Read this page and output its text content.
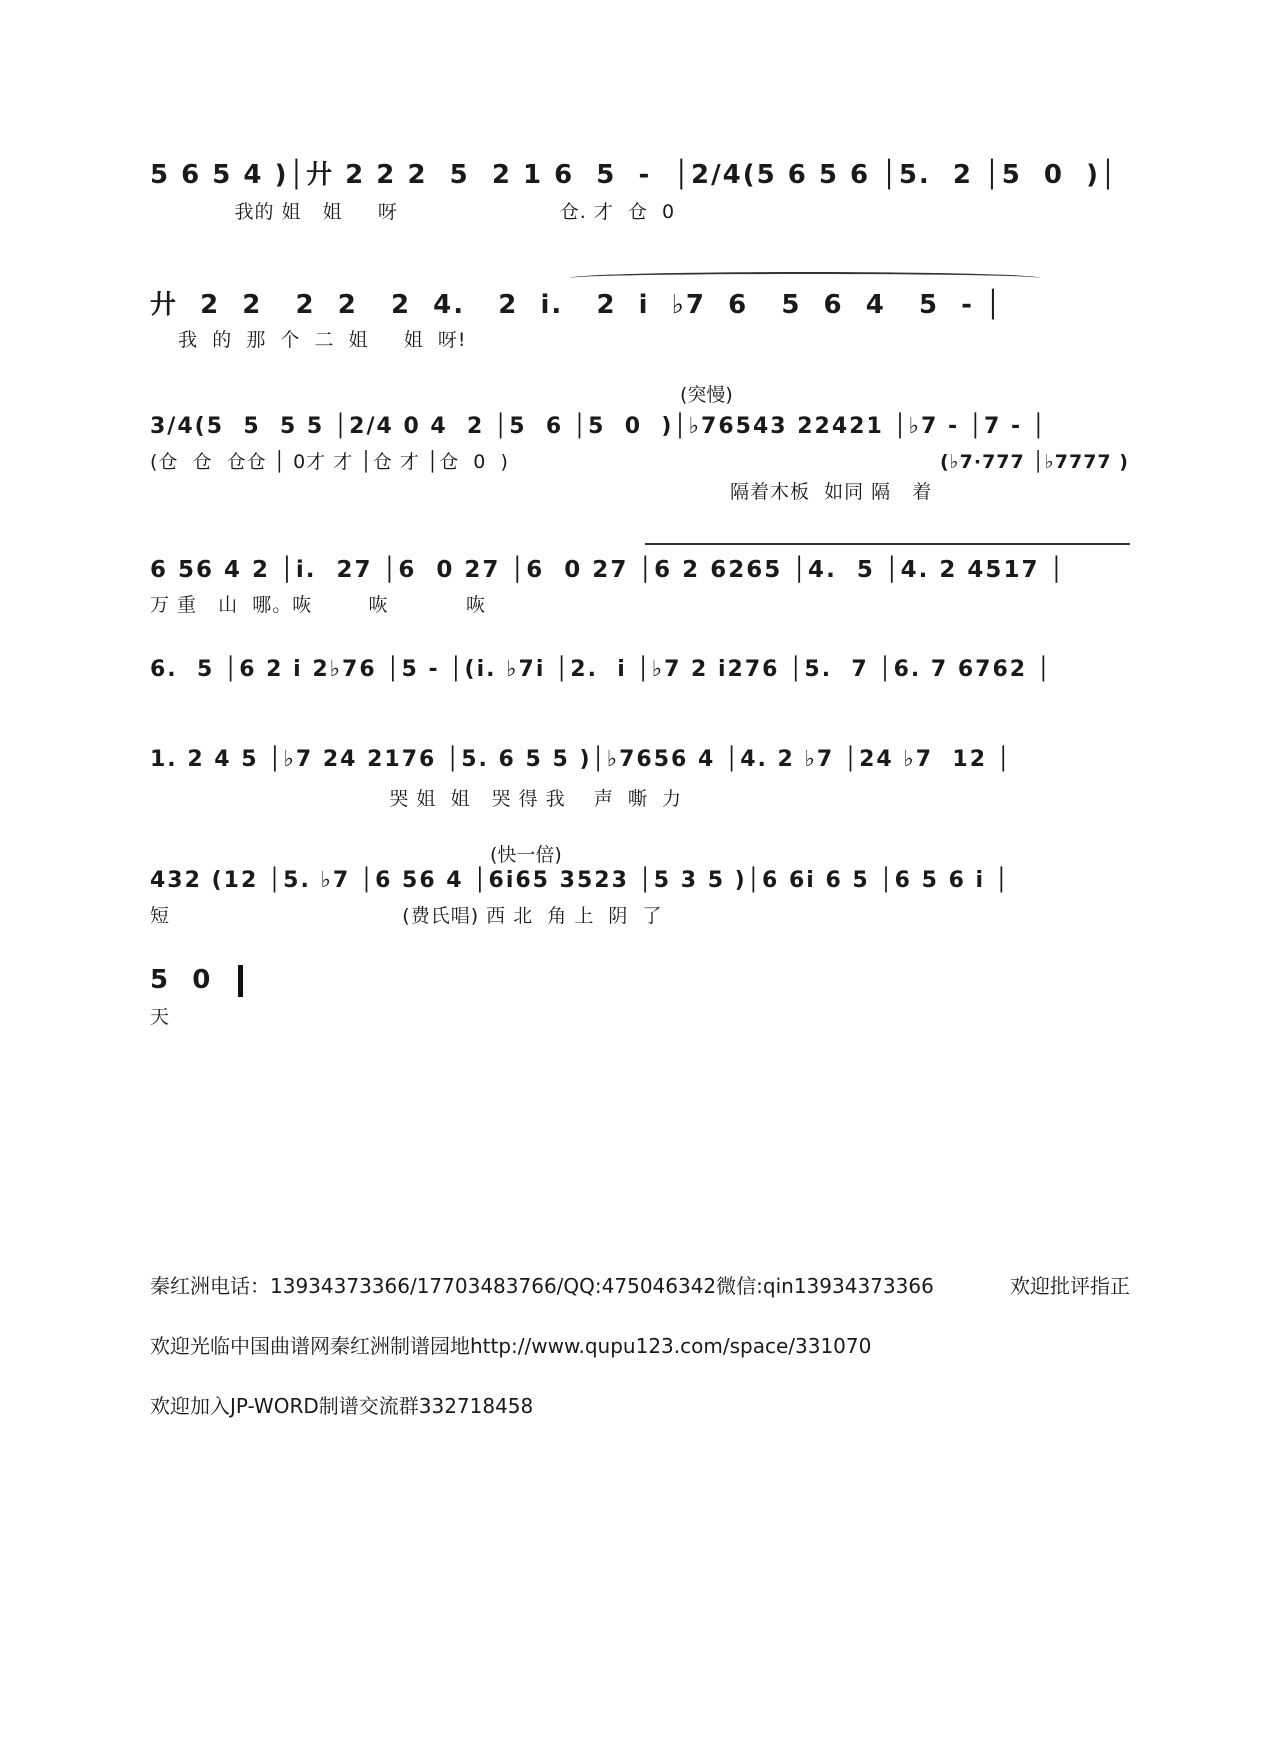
5 6 5 4 )│廾 2 2 2  5  2 1 6  5  -  │2/4(5 6 5 6 │5.  2 │5  0  )│
我的 姐   姐     呀                       仓. 才  仓  0
廾  2  2   2  2   2  4.   2  i.   2  i  ♭7  6   5  6  4   5  - │
我  的  那  个  二  姐     姐  呀!
(突慢)
3/4(5  5  5 5 │2/4 0 4  2 │5  6 │5  0  )│♭76543 22421 │♭7 - │7 - │
(仓  仓  仓仓 │ 0才 才 │仓 才 │仓  0  )	(♭7·777 │♭7777 )
隔着木板  如同 隔   着
6 56 4 2 │i.  27 │6  0 27 │6  0 27 │6 2 6265 │4.  5 │4. 2 4517 │
万 重   山  哪。咴        咴           咴
6.  5 │6 2 i 2♭76 │5 - │(i. ♭7i │2.  i │♭7 2 i276 │5.  7 │6. 7 6762 │
1. 2 4 5 │♭7 24 2176 │5. 6 5 5 )│♭7656 4 │4. 2 ♭7 │24 ♭7  12 │
哭 姐  姐   哭 得 我    声  嘶  力
(快一倍)
432 (12 │5. ♭7 │6 56 4 │6i65 3523 │5 3 5 )│6 6i 6 5 │6 5 6 i │
短                                 (费氏唱) 西 北  角 上  阴  了
5  0
天
秦红洲电话：13934373366/17703483766/QQ:475046342微信:qin13934373366	欢迎批评指正
欢迎光临中国曲谱网秦红洲制谱园地http://www.qupu123.com/space/331070
欢迎加入JP-WORD制谱交流群332718458
